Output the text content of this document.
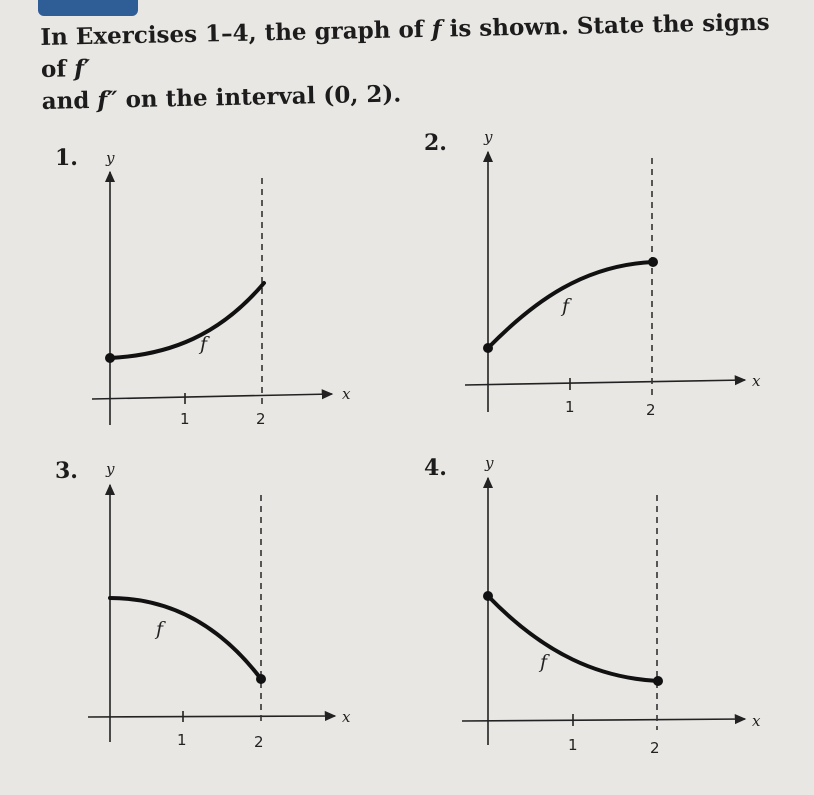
In Exercises 1–4, the graph of f is shown. State the signs of f′
and f″ on the interval (0, 2).
1.
2.
3.	4.
y
x
1	2
f
y
x
1	2
f
y
x
1	2
f
y
x
1	2
f
